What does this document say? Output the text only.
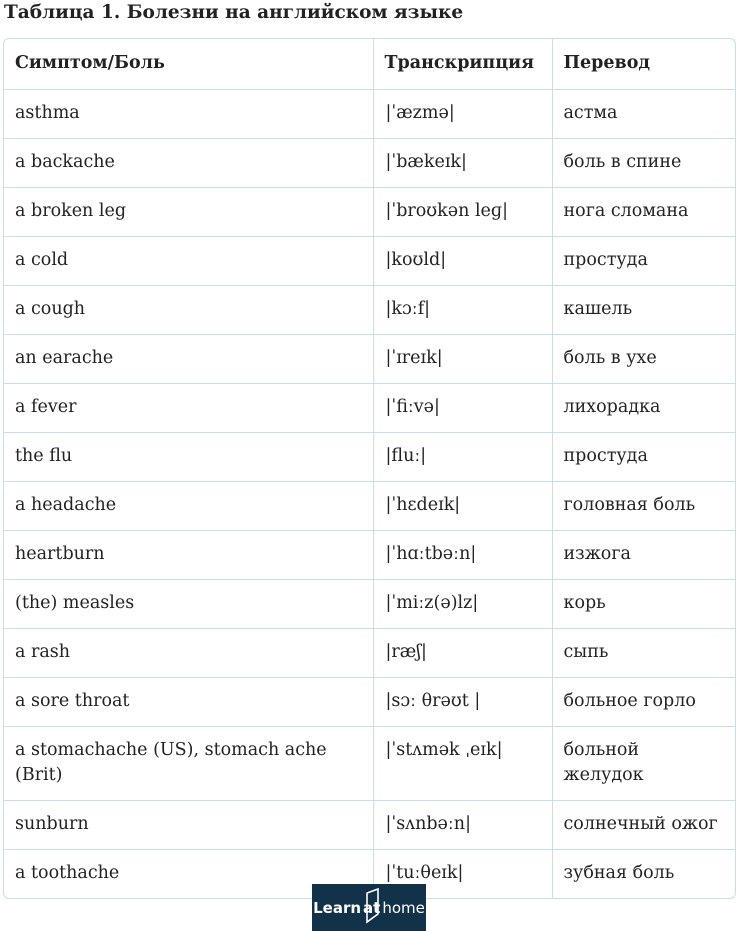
Таблица 1. Болезни на английском языке
Симптом/Боль	Транскрипция	Перевод
asthma	|ˈæzmə|	астма
a backache	|ˈbækeɪk|	боль в спине
a broken leg	|ˈbroʊkən leɡ|	нога сломана
a cold	|koʊld|	простуда
a cough	|kɔːf|	кашель
an earache	|ˈɪreɪk|	боль в ухе
a fever	|ˈfiːvə|	лихорадка
the flu	|fluː|	простуда
a headache	|ˈhɛdeɪk|	головная боль
heartburn	|ˈhɑːtbəːn|	изжога
(the) measles	|ˈmiːz(ə)lz|	корь
a rash	|ræʃ|	сыпь
a sore throat	|sɔː θrəʊt |	больное горло
a stomachache (US), stomach ache (Brit)	|ˈstʌmək ˌeɪk|	больной желудок
sunburn	|ˈsʌnbəːn|	солнечный ожог
a toothache	|ˈtuːθeɪk|	зубная боль
Learn at home
